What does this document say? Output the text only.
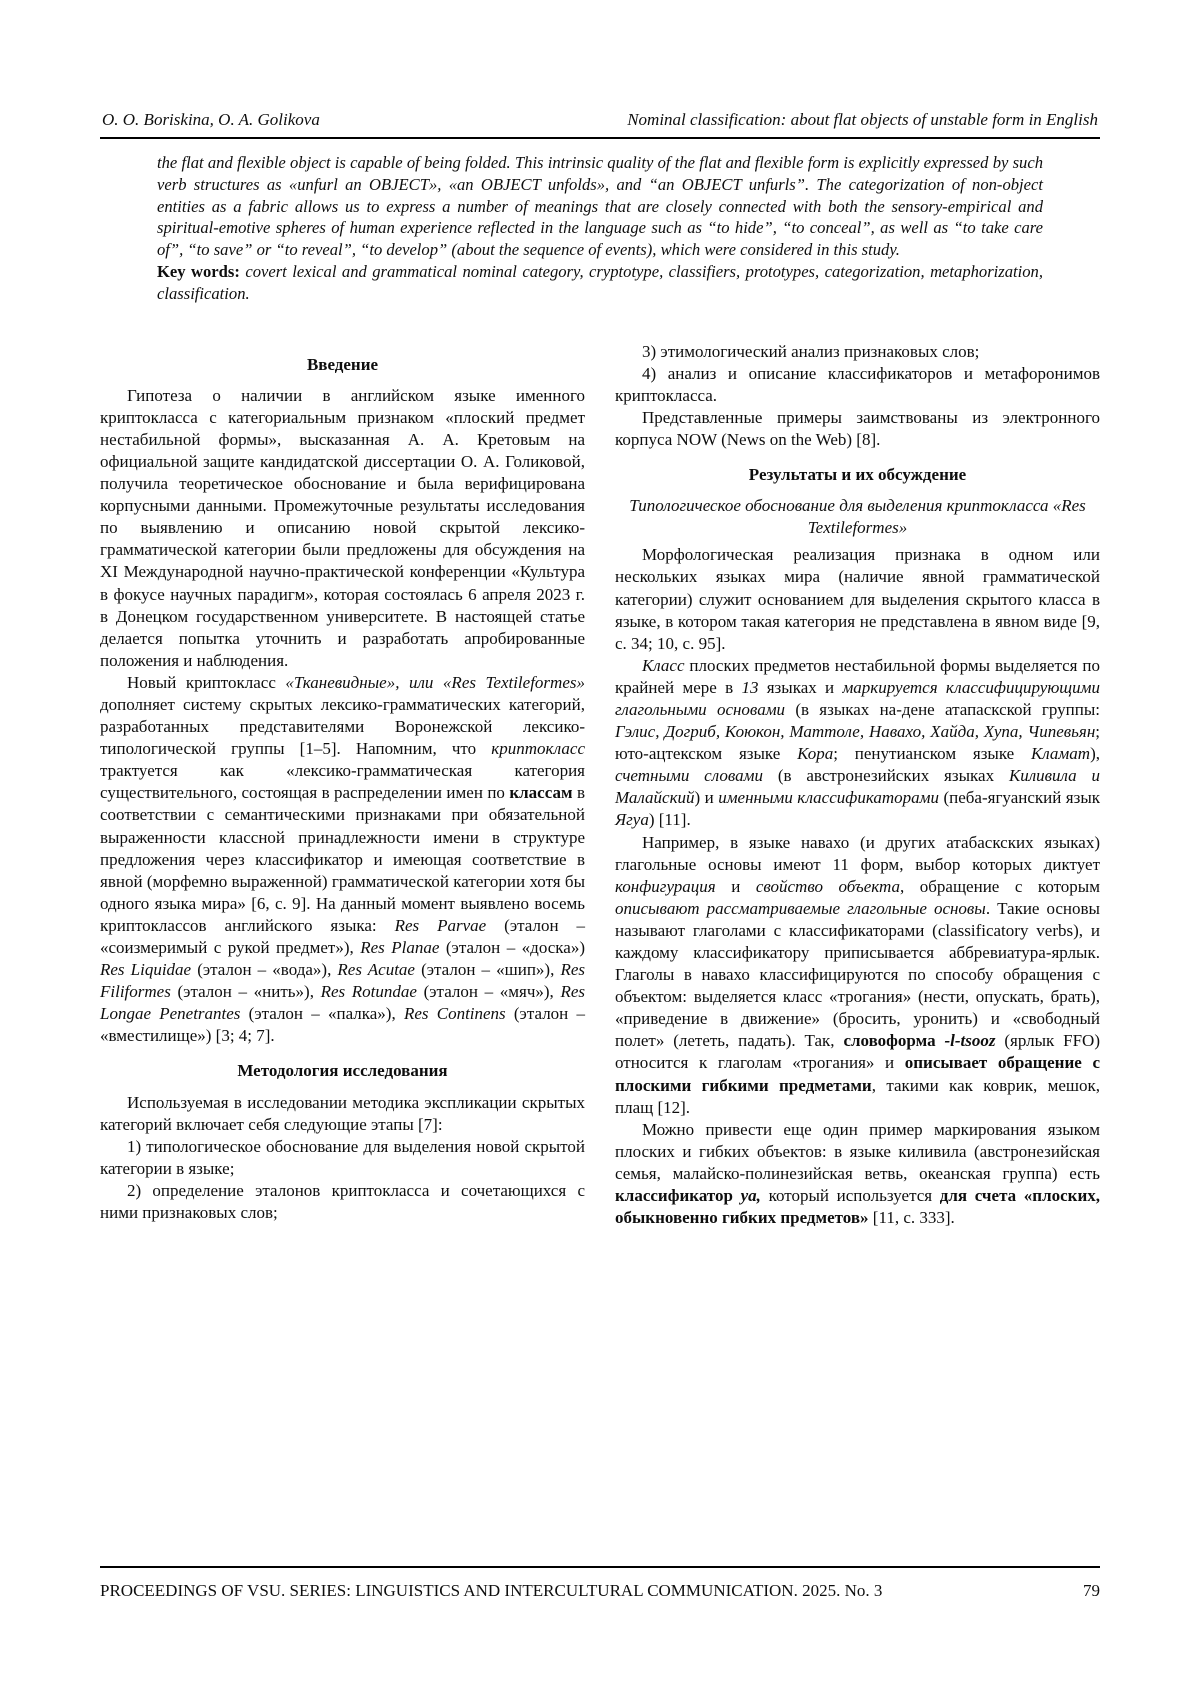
O. O. Boriskina, O. A. Golikova	Nominal classification: about flat objects of unstable form in English

the flat and flexible object is capable of being folded. This intrinsic quality of the flat and flexible form is explicitly expressed by such verb structures as «unfurl an OBJECT», «an OBJECT unfolds», and “an OBJECT unfurls”. The categorization of non-object entities as a fabric allows us to express a number of meanings that are closely connected with both the sensory-empirical and spiritual-emotive spheres of human experience reflected in the language such as “to hide”, “to conceal”, as well as “to take care of”, “to save” or “to reveal”, “to develop” (about the sequence of events), which were considered in this study.

Key words: covert lexical and grammatical nominal category, cryptotype, classifiers, prototypes, categorization, metaphorization, classification.

Введение

Гипотеза о наличии в английском языке именного криптокласса с категориальным признаком «плоский предмет нестабильной формы», высказанная А. А. Кретовым на официальной защите кандидатской диссертации О. А. Голиковой, получила теоретическое обоснование и была верифицирована корпусными данными. Промежуточные результаты исследования по выявлению и описанию новой скрытой лексико-грамматической категории были предложены для обсуждения на XI Международной научно-практической конференции «Культура в фокусе научных парадигм», которая состоялась 6 апреля 2023 г. в Донецком государственном университете. В настоящей статье делается попытка уточнить и разработать апробированные положения и наблюдения.

Новый криптокласс «Тканевидные», или «Res Textileformes» дополняет систему скрытых лексико-грамматических категорий, разработанных представителями Воронежской лексико-типологической группы [1–5]. Напомним, что криптокласс трактуется как «лексико-грамматическая категория существительного, состоящая в распределении имен по классам в соответствии с семантическими признаками при обязательной выраженности классной принадлежности имени в структуре предложения через классификатор и имеющая соответствие в явной (морфемно выраженной) грамматической категории хотя бы одного языка мира» [6, с. 9]. На данный момент выявлено восемь криптоклассов английского языка: Res Parvae (эталон – «соизмеримый с рукой предмет»), Res Planae (эталон – «доска») Res Liquidae (эталон – «вода»), Res Acutae (эталон – «шип»), Res Filiformes (эталон – «нить»), Res Rotundae (эталон – «мяч»), Res Longae Penetrantes (эталон – «палка»), Res Continens (эталон – «вместилище») [3; 4; 7].

Методология исследования

Используемая в исследовании методика экспликации скрытых категорий включает себя следующие этапы [7]:

1) типологическое обоснование для выделения новой скрытой категории в языке;

2) определение эталонов криптокласса и сочетающихся с ними признаковых слов;

3) этимологический анализ признаковых слов;

4) анализ и описание классификаторов и метафоронимов криптокласса.

Представленные примеры заимствованы из электронного корпуса NOW (News on the Web) [8].

Результаты и их обсуждение

Типологическое обоснование для выделения криптокласса «Res Textileformes»

Морфологическая реализация признака в одном или нескольких языках мира (наличие явной грамматической категории) служит основанием для выделения скрытого класса в языке, в котором такая категория не представлена в явном виде [9, с. 34; 10, с. 95].

Класс плоских предметов нестабильной формы выделяется по крайней мере в 13 языках и маркируется классифицирующими глагольными основами (в языках на-дене атапаскской группы: Гэлис, Догриб, Коюкон, Маттоле, Навахо, Хайда, Хупа, Чипевьян; юто-ацтекском языке Кора; пенутианском языке Кламат), счетными словами (в австронезийских языках Киливила и Малайский) и именными классификаторами (пеба-ягуанский язык Ягуа) [11].

Например, в языке навахо (и других атабаскских языках) глагольные основы имеют 11 форм, выбор которых диктует конфигурация и свойство объекта, обращение с которым описывают рассматриваемые глагольные основы. Такие основы называют глаголами с классификаторами (classificatory verbs), и каждому классификатору приписывается аббревиатура-ярлык. Глаголы в навахо классифицируются по способу обращения с объектом: выделяется класс «трогания» (нести, опускать, брать), «приведение в движение» (бросить, уронить) и «свободный полет» (лететь, падать). Так, словоформа -l-tsooz (ярлык FFO) относится к глаголам «трогания» и описывает обращение с плоскими гибкими предметами, такими как коврик, мешок, плащ [12].

Можно привести еще один пример маркирования языком плоских и гибких объектов: в языке киливила (австронезийская семья, малайско-полинезийская ветвь, океанская группа) есть классификатор ya, который используется для счета «плоских, обыкновенно гибких предметов» [11, с. 333].

PROCEEDINGS OF VSU. SERIES: LINGUISTICS AND INTERCULTURAL COMMUNICATION. 2025. No. 3	79
